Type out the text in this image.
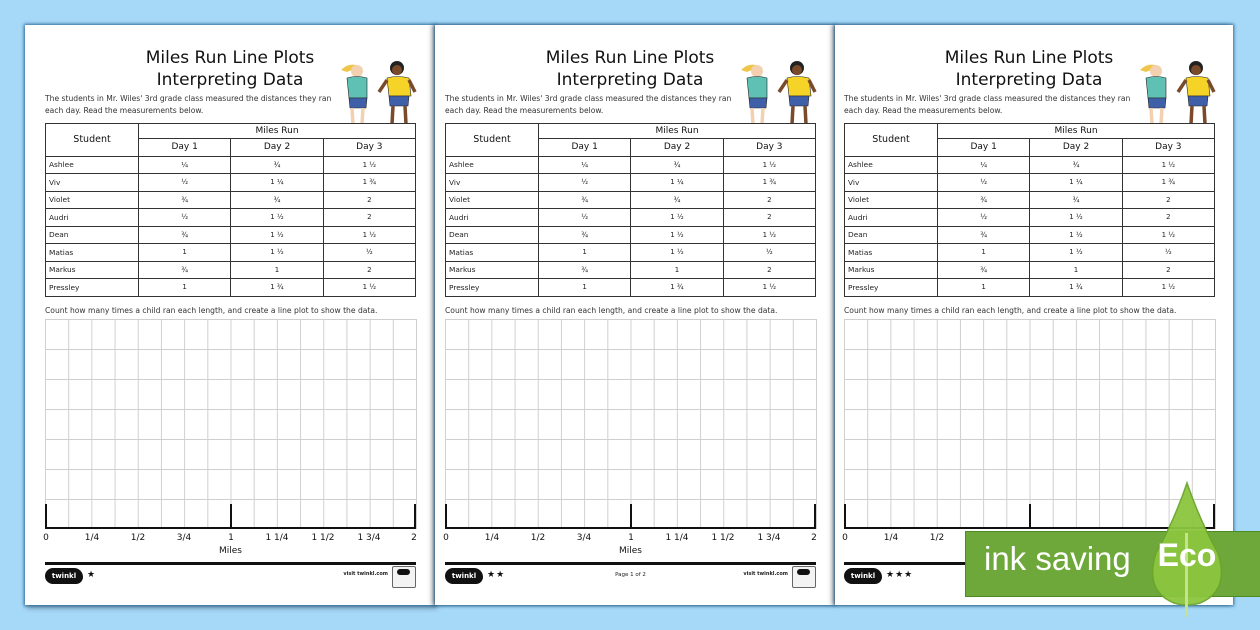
Miles Run Line Plots
Interpreting Data
The students in Mr. Wiles' 3rd grade class measured the distances they ran each day. Read the measurements below.
Student	Miles Run		
	Day 1	Day 2	Day 3
Ashlee	¼	¾	1 ½
Viv	½	1 ¼	1 ¾
Violet	¾	¾	2
Audri	½	1 ½	2
Dean	¾	1 ½	1 ½
Matias	1	1 ½	½
Markus	¾	1	2
Pressley	1	1 ¾	1 ½
Count how many times a child ran each length, and create a line plot to show the data.
0	1/4	1/2	3/4	1	1 1/4	1 1/2	1 3/4	2
Miles
twinkl	★	visit twinkl.com
Miles Run Line Plots
Interpreting Data
The students in Mr. Wiles' 3rd grade class measured the distances they ran each day. Read the measurements below.
Student	Miles Run		
	Day 1	Day 2	Day 3
Ashlee	¼	¾	1 ½
Viv	½	1 ¼	1 ¾
Violet	¾	¾	2
Audri	½	1 ½	2
Dean	¾	1 ½	1 ½
Matias	1	1 ½	½
Markus	¾	1	2
Pressley	1	1 ¾	1 ½
Count how many times a child ran each length, and create a line plot to show the data.
0	1/4	1/2	3/4	1	1 1/4	1 1/2	1 3/4	2
Miles
twinkl	★★	Page 1 of 2	visit twinkl.com
Miles Run Line Plots
Interpreting Data
The students in Mr. Wiles' 3rd grade class measured the distances they ran each day. Read the measurements below.
Student	Miles Run		
	Day 1	Day 2	Day 3
Ashlee	¼	¾	1 ½
Viv	½	1 ¼	1 ¾
Violet	¾	¾	2
Audri	½	1 ½	2
Dean	¾	1 ½	1 ½
Matias	1	1 ½	½
Markus	¾	1	2
Pressley	1	1 ¾	1 ½
Count how many times a child ran each length, and create a line plot to show the data.
0	1/4	1/2
twinkl	★★★ ink saving Eco
